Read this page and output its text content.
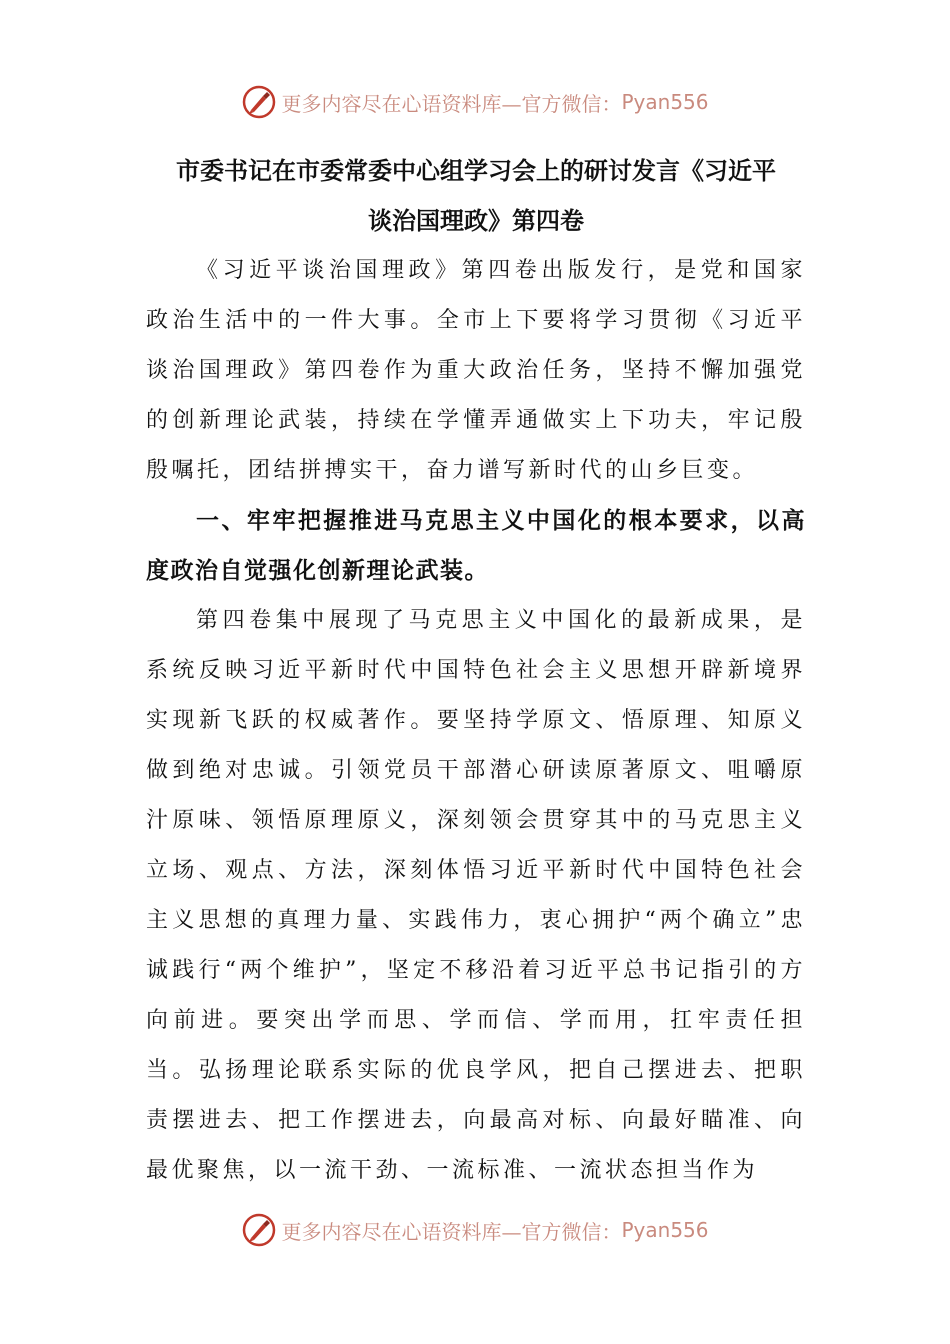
更多内容尽在心语资料库—官方微信： Pyan556

市委书记在市委常委中心组学习会上的研讨发言《习近平

谈治国理政》第四卷

《习近平谈治国理政》第四卷出版发行，是党和国家政治生活中的一件大事。全市上下要将学习贯彻《习近平谈治国理政》第四卷作为重大政治任务，坚持不懈加强党的创新理论武装，持续在学懂弄通做实上下功夫，牢记殷殷嘱托，团结拼搏实干，奋力谱写新时代的山乡巨变。

一、牢牢把握推进马克思主义中国化的根本要求，以高度政治自觉强化创新理论武装。

第四卷集中展现了马克思主义中国化的最新成果，是系统反映习近平新时代中国特色社会主义思想开辟新境界实现新飞跃的权威著作。要坚持学原文、悟原理、知原义做到绝对忠诚。引领党员干部潜心研读原著原文、咀嚼原汁原味、领悟原理原义，深刻领会贯穿其中的马克思主义立场、观点、方法，深刻体悟习近平新时代中国特色社会主义思想的真理力量、实践伟力，衷心拥护“两个确立”忠诚践行“两个维护”，坚定不移沿着习近平总书记指引的方向前进。要突出学而思、学而信、学而用，扛牢责任担当。弘扬理论联系实际的优良学风，把自己摆进去、把职责摆进去、把工作摆进去，向最高对标、向最好瞄准、向最优聚焦，以一流干劲、一流标准、一流状态担当作为

更多内容尽在心语资料库—官方微信： Pyan556
